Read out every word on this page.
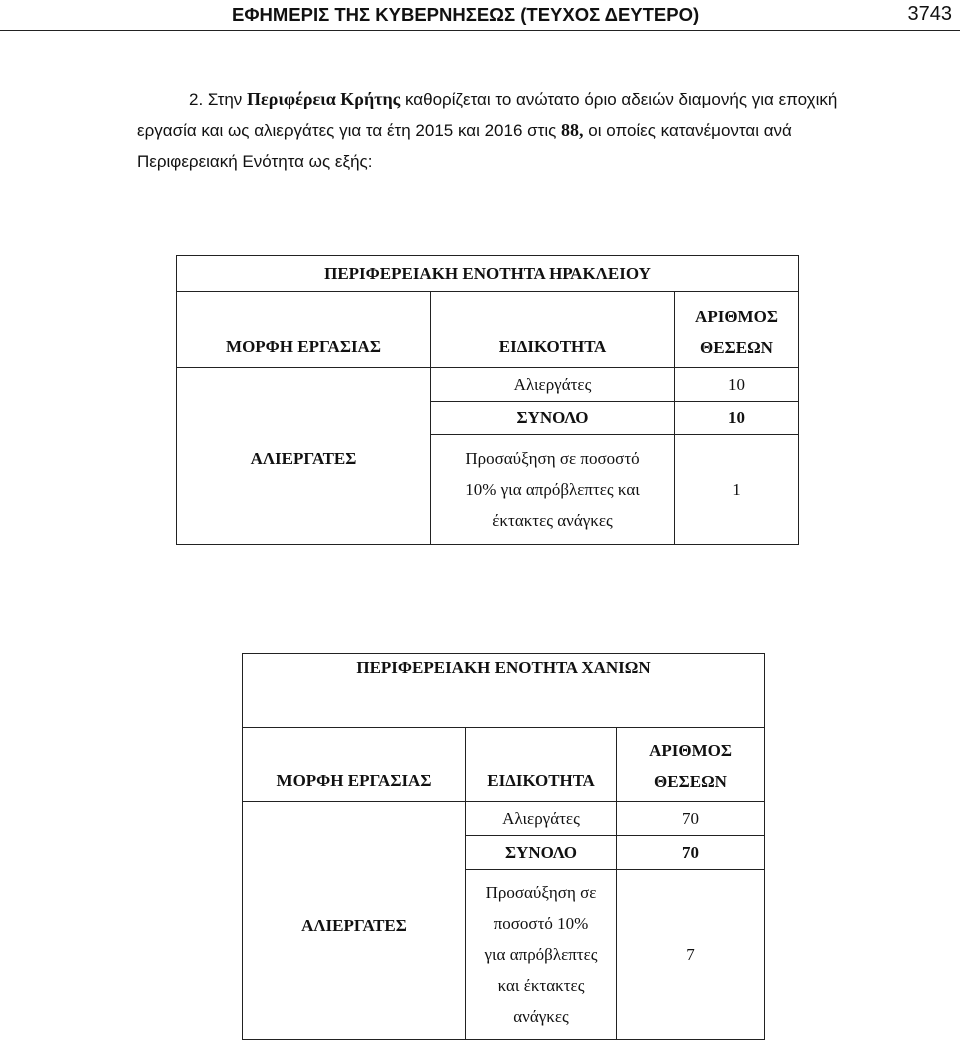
ΕΦΗΜΕΡΙΣ ΤΗΣ ΚΥΒΕΡΝΗΣΕΩΣ (ΤΕΥΧΟΣ ΔΕΥΤΕΡΟ)	3743
2. Στην Περιφέρεια Κρήτης καθορίζεται το ανώτατο όριο αδειών διαμονής για εποχική εργασία και ως αλιεργάτες για τα έτη 2015 και 2016 στις 88, οι οποίες κατανέμονται ανά Περιφερειακή Ενότητα ως εξής:
ΠΕΡΙΦΕΡΕΙΑΚΗ ΕΝΟΤΗΤΑ ΗΡΑΚΛΕΙΟΥ		
ΜΟΡΦΗ ΕΡΓΑΣΙΑΣ	ΕΙΔΙΚΟΤΗΤΑ	ΑΡΙΘΜΟΣ
ΘΕΣΕΩΝ
ΑΛΙΕΡΓΑΤΕΣ	Αλιεργάτες	10
	ΣΥΝΟΛΟ	10
	Προσαύξηση σε ποσοστό
10% για απρόβλεπτες και
έκτακτες ανάγκες	1
ΠΕΡΙΦΕΡΕΙΑΚΗ ΕΝΟΤΗΤΑ ΧΑΝΙΩΝ		
ΜΟΡΦΗ ΕΡΓΑΣΙΑΣ	ΕΙΔΙΚΟΤΗΤΑ	ΑΡΙΘΜΟΣ
ΘΕΣΕΩΝ
ΑΛΙΕΡΓΑΤΕΣ	Αλιεργάτες	70
	ΣΥΝΟΛΟ	70
	Προσαύξηση σε
ποσοστό 10%
για απρόβλεπτες
και έκτακτες
ανάγκες	7
